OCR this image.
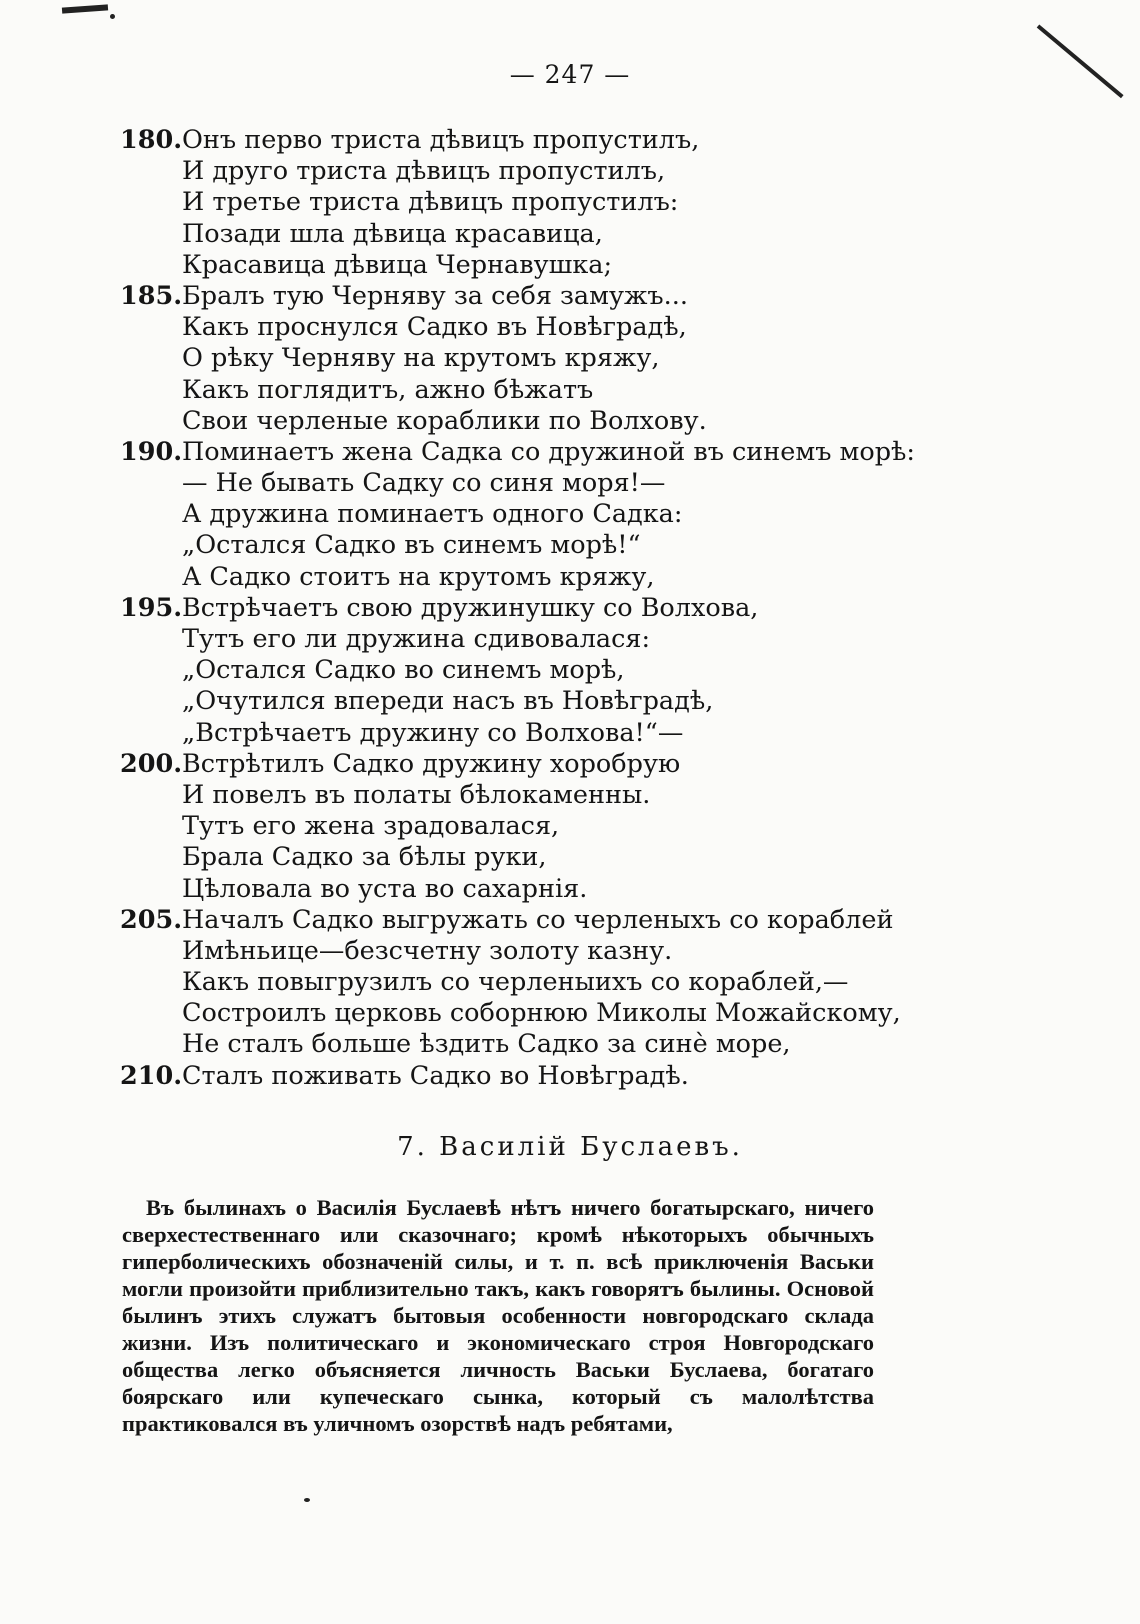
— 247 —
180. Онъ перво триста дѣвицъ пропустилъ,
И друго триста дѣвицъ пропустилъ,
И третье триста дѣвицъ пропустилъ:
Позади шла дѣвица красавица,
Красавица дѣвица Чернавушка;
185. Бралъ тую Черняву за себя замужъ...
Какъ проснулся Садко въ Новѣградѣ,
О рѣку Черняву на крутомъ кряжу,
Какъ поглядитъ, ажно бѣжатъ
Свои черленые кораблики по Волхову.
190. Поминаетъ жена Садка со дружиной въ синемъ морѣ:
— Не бывать Садку со синя моря!—
А дружина поминаетъ одного Садка:
„Остался Садко въ синемъ морѣ!“
А Садко стоитъ на крутомъ кряжу,
195. Встрѣчаетъ свою дружинушку со Волхова,
Тутъ его ли дружина сдивовалася:
„Остался Садко во синемъ морѣ,
„Очутился впереди насъ въ Новѣградѣ,
„Встрѣчаетъ дружину со Волхова!“—
200. Встрѣтилъ Садко дружину хоробрую
И повелъ въ полаты бѣлокаменны.
Тутъ его жена зрадовалася,
Брала Садко за бѣлы руки,
Цѣловала во уста во сахарнія.
205. Началъ Садко выгружать со черленыхъ со кораблей
Имѣньице—безсчетну золоту казну.
Какъ повыгрузилъ со черленыихъ со кораблей,—
Состроилъ церковь соборнюю Миколы Можайскому,
Не сталъ больше ѣздить Садко за синѐ море,
210. Сталъ поживать Садко во Новѣградѣ.
7. Василій Буслаевъ.

Въ былинахъ о Василія Буслаевѣ нѣтъ ничего богатырскаго, ничего сверхестественнаго или сказочнаго; кромѣ нѣкоторыхъ обычныхъ гиперболическихъ обозначеній силы, и т. п. всѣ приключенія Васьки могли произойти приблизительно такъ, какъ говорятъ былины. Основой былинъ этихъ служатъ бытовыя особенности новгородскаго склада жизни. Изъ политическаго и экономическаго строя Новгородскаго общества легко объясняется личность Васьки Буслаева, богатаго боярскаго или купеческаго сынка, который съ малолѣтства практиковался въ уличномъ озорствѣ надъ ребятами,
